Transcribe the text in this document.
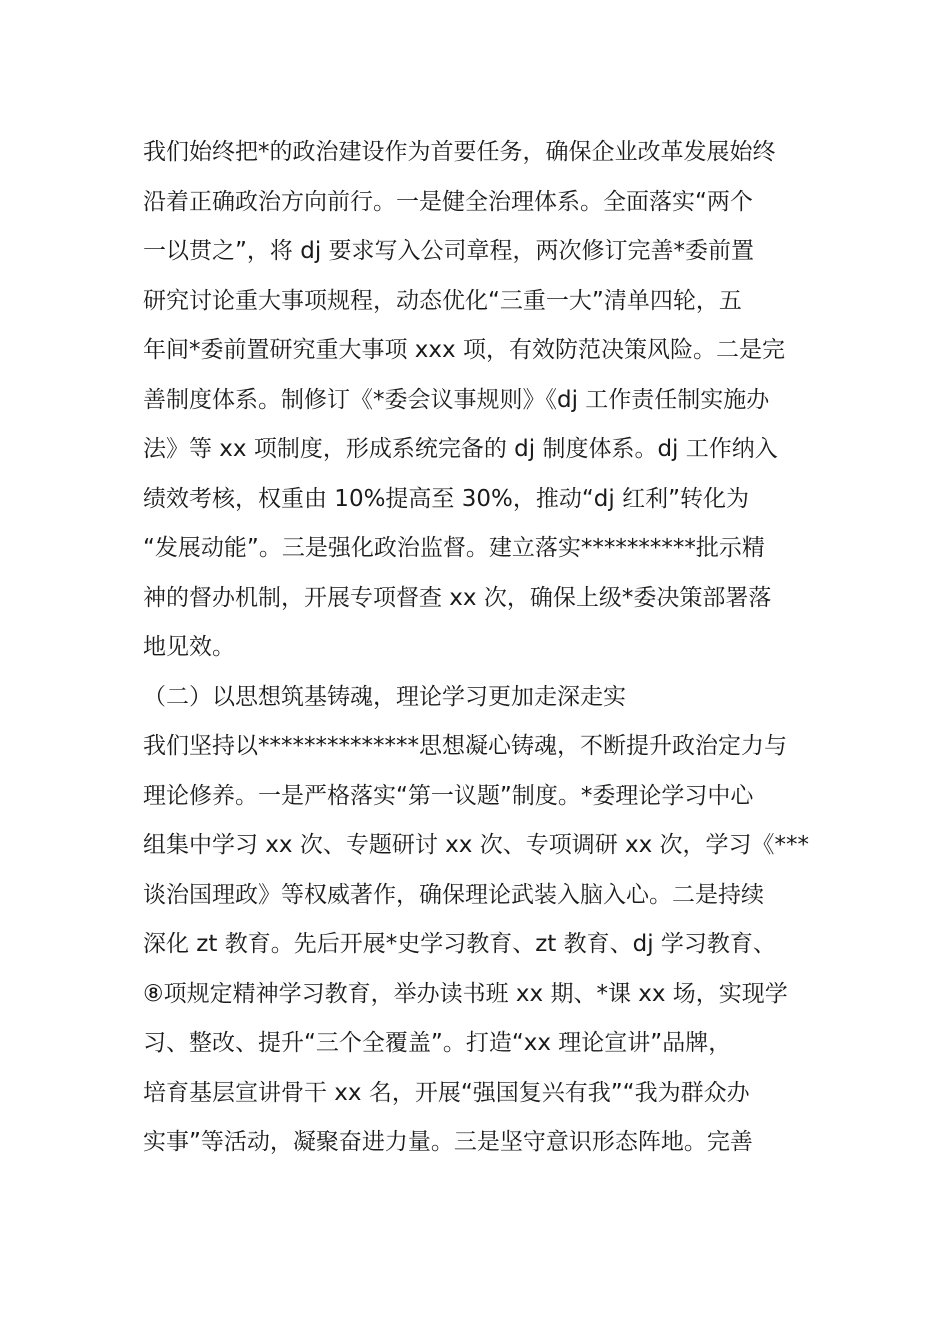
我们始终把*的政治建设作为首要任务，确保企业改革发展始终
沿着正确政治方向前行。一是健全治理体系。全面落实“两个
一以贯之”，将 dj 要求写入公司章程，两次修订完善*委前置
研究讨论重大事项规程，动态优化“三重一大”清单四轮，五
年间*委前置研究重大事项 xxx 项，有效防范决策风险。二是完
善制度体系。制修订《*委会议事规则》《dj 工作责任制实施办
法》等 xx 项制度，形成系统完备的 dj 制度体系。dj 工作纳入
绩效考核，权重由 10%提高至 30%，推动“dj 红利”转化为
“发展动能”。三是强化政治监督。建立落实**********批示精
神的督办机制，开展专项督查 xx 次，确保上级*委决策部署落
地见效。
（二）以思想筑基铸魂，理论学习更加走深走实
我们坚持以**************思想凝心铸魂，不断提升政治定力与
理论修养。一是严格落实“第一议题”制度。*委理论学习中心
组集中学习 xx 次、专题研讨 xx 次、专项调研 xx 次，学习《***
谈治国理政》等权威著作，确保理论武装入脑入心。二是持续
深化 zt 教育。先后开展*史学习教育、zt 教育、dj 学习教育、
⑧项规定精神学习教育，举办读书班 xx 期、*课 xx 场，实现学
习、整改、提升“三个全覆盖”。打造“xx 理论宣讲”品牌，
培育基层宣讲骨干 xx 名，开展“强国复兴有我”“我为群众办
实事”等活动，凝聚奋进力量。三是坚守意识形态阵地。完善
